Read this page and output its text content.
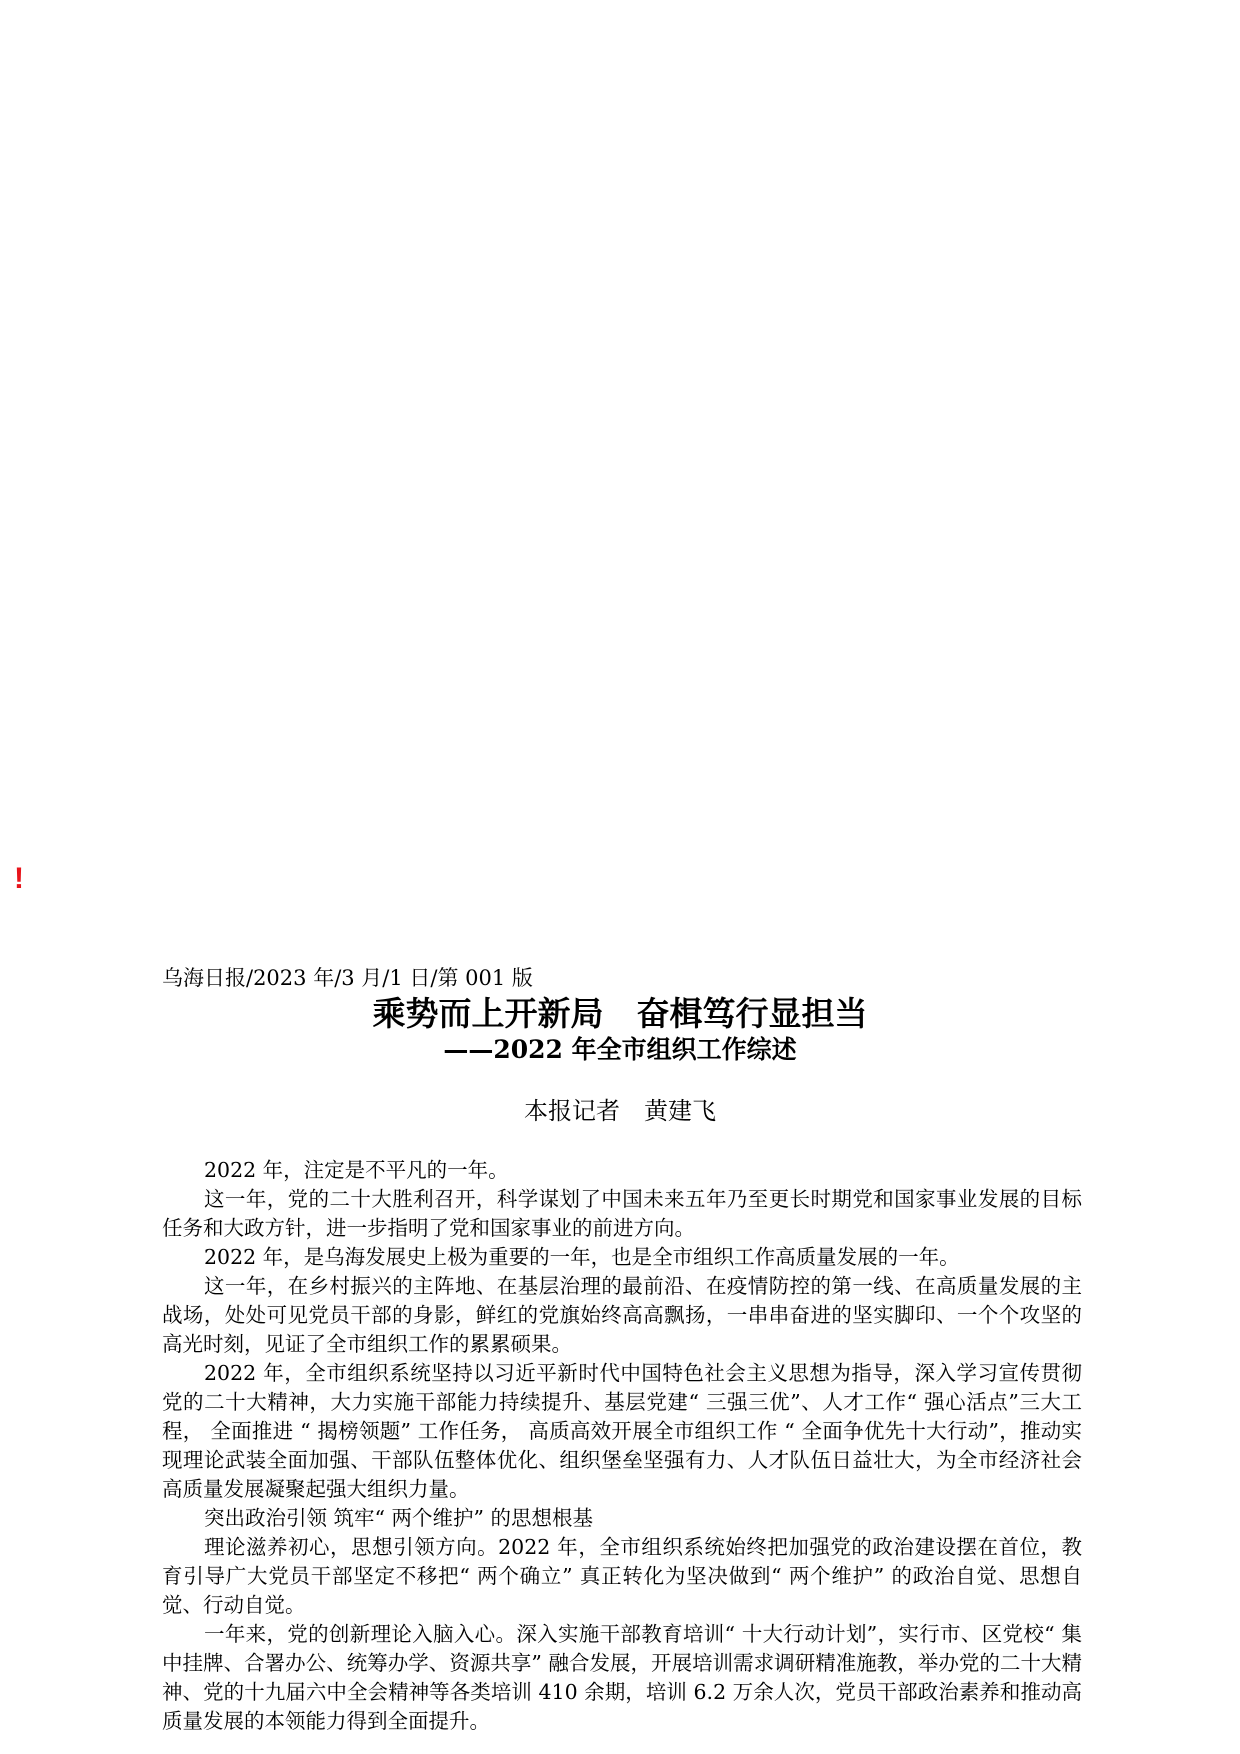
!
乌海日报/2023 年/3 月/1 日/第 001 版
乘势而上开新局　奋楫笃行显担当
——2022 年全市组织工作综述
本报记者　黄建飞

2022 年，注定是不平凡的一年。

这一年，党的二十大胜利召开，科学谋划了中国未来五年乃至更长时期党和国家事业发展的目标任务和大政方针，进一步指明了党和国家事业的前进方向。

2022 年，是乌海发展史上极为重要的一年，也是全市组织工作高质量发展的一年。

这一年，在乡村振兴的主阵地、在基层治理的最前沿、在疫情防控的第一线、在高质量发展的主战场，处处可见党员干部的身影，鲜红的党旗始终高高飘扬，一串串奋进的坚实脚印、一个个攻坚的高光时刻，见证了全市组织工作的累累硕果。

2022 年，全市组织系统坚持以习近平新时代中国特色社会主义思想为指导，深入学习宣传贯彻党的二十大精神，大力实施干部能力持续提升、基层党建“ 三强三优”、人才工作“ 强心活点”三大工程， 全面推进 “ 揭榜领题” 工作任务， 高质高效开展全市组织工作 “ 全面争优先十大行动”，推动实现理论武装全面加强、干部队伍整体优化、组织堡垒坚强有力、人才队伍日益壮大，为全市经济社会高质量发展凝聚起强大组织力量。

突出政治引领 筑牢“ 两个维护” 的思想根基

理论滋养初心，思想引领方向。2022 年，全市组织系统始终把加强党的政治建设摆在首位，教育引导广大党员干部坚定不移把“ 两个确立” 真正转化为坚决做到“ 两个维护” 的政治自觉、思想自觉、行动自觉。

一年来，党的创新理论入脑入心。深入实施干部教育培训“ 十大行动计划”，实行市、区党校“ 集中挂牌、合署办公、统筹办学、资源共享” 融合发展，开展培训需求调研精准施教，举办党的二十大精神、党的十九届六中全会精神等各类培训 410 余期，培训 6.2 万余人次，党员干部政治素养和推动高质量发展的本领能力得到全面提升。
